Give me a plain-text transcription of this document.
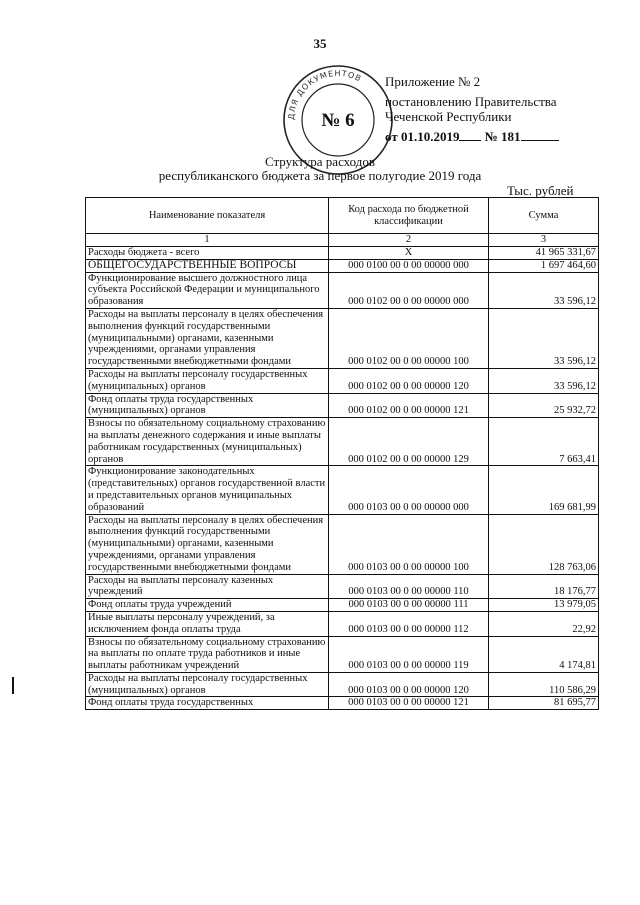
35
ДЛЯ ДОКУМЕНТОВ
№ 6
Приложение № 2
постановлению Правительства
Чеченской Республики
от 01.10.2019 № 181
Структура расходов
республиканского бюджета за первое полугодие 2019 года
Тыс. рублей
Наименование показателя	Код расхода по бюджетной классификации	Сумма
1	2	3
Расходы бюджета - всего	X	41 965 331,67
ОБЩЕГОСУДАРСТВЕННЫЕ ВОПРОСЫ	000 0100 00 0 00 00000 000	1 697 464,60
Функционирование высшего должностного лица субъекта Российской Федерации и муниципального образования	000 0102 00 0 00 00000 000	33 596,12
Расходы на выплаты персоналу в целях обеспечения выполнения функций государственными (муниципальными) органами, казенными учреждениями, органами управления государственными внебюджетными фондами	000 0102 00 0 00 00000 100	33 596,12
Расходы на выплаты персоналу государственных (муниципальных) органов	000 0102 00 0 00 00000 120	33 596,12
Фонд оплаты труда государственных (муниципальных) органов	000 0102 00 0 00 00000 121	25 932,72
Взносы по обязательному социальному страхованию на выплаты денежного содержания и иные выплаты работникам государственных (муниципальных) органов	000 0102 00 0 00 00000 129	7 663,41
Функционирование законодательных (представительных) органов государственной власти и представительных органов муниципальных образований	000 0103 00 0 00 00000 000	169 681,99
Расходы на выплаты персоналу в целях обеспечения выполнения функций государственными (муниципальными) органами, казенными учреждениями, органами управления государственными внебюджетными фондами	000 0103 00 0 00 00000 100	128 763,06
Расходы на выплаты персоналу казенных учреждений	000 0103 00 0 00 00000 110	18 176,77
Фонд оплаты труда учреждений	000 0103 00 0 00 00000 111	13 979,05
Иные выплаты персоналу учреждений, за исключением фонда оплаты труда	000 0103 00 0 00 00000 112	22,92
Взносы по обязательному социальному страхованию на выплаты по оплате труда работников и иные выплаты работникам учреждений	000 0103 00 0 00 00000 119	4 174,81
Расходы на выплаты персоналу государственных (муниципальных) органов	000 0103 00 0 00 00000 120	110 586,29
Фонд оплаты труда государственных	000 0103 00 0 00 00000 121	81 695,77
